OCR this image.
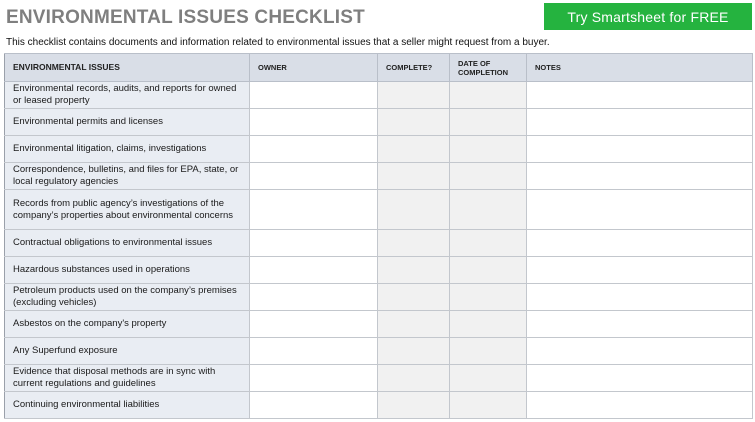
ENVIRONMENTAL ISSUES CHECKLIST	Try Smartsheet for FREE
This checklist contains documents and information related to environmental issues that a seller might request from a buyer.
ENVIRONMENTAL ISSUES	OWNER	COMPLETE?	DATE OF COMPLETION	NOTES
Environmental records, audits, and reports for owned or leased property				
Environmental permits and licenses				
Environmental litigation, claims, investigations				
Correspondence, bulletins, and files for EPA, state, or local regulatory agencies				
Records from public agency’s investigations of the company’s properties about environmental concerns				
Contractual obligations to environmental issues				
Hazardous substances used in operations				
Petroleum products used on the company’s premises (excluding vehicles)				
Asbestos on the company's property				
Any Superfund exposure				
Evidence that disposal methods are in sync with current regulations and guidelines				
Continuing environmental liabilities				
